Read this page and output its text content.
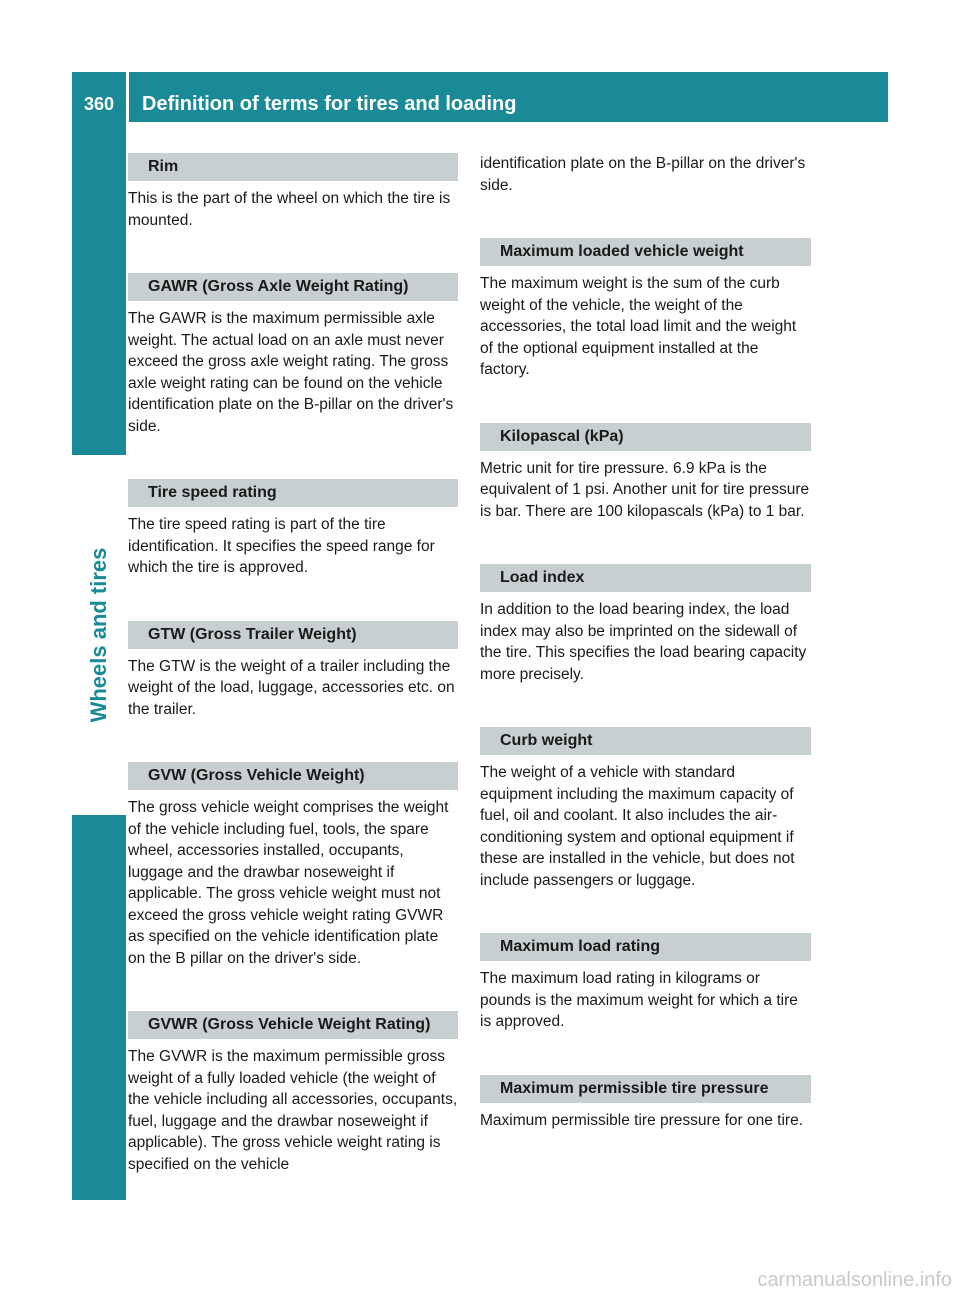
360	Definition of terms for tires and loading
Wheels and tires
Rim

This is the part of the wheel on which the tire is mounted.

GAWR (Gross Axle Weight Rating)

The GAWR is the maximum permissible axle weight. The actual load on an axle must never exceed the gross axle weight rating. The gross axle weight rating can be found on the vehicle identification plate on the B-pillar on the driver's side.

Tire speed rating

The tire speed rating is part of the tire identification. It specifies the speed range for which the tire is approved.

GTW (Gross Trailer Weight)

The GTW is the weight of a trailer including the weight of the load, luggage, accessories etc. on the trailer.

GVW (Gross Vehicle Weight)

The gross vehicle weight comprises the weight of the vehicle including fuel, tools, the spare wheel, accessories installed, occupants, luggage and the drawbar noseweight if applicable. The gross vehicle weight must not exceed the gross vehicle weight rating GVWR as specified on the vehicle identification plate on the B pillar on the driver's side.

GVWR (Gross Vehicle Weight Rating)

The GVWR is the maximum permissible gross weight of a fully loaded vehicle (the weight of the vehicle including all accessories, occupants, fuel, luggage and the drawbar noseweight if applicable). The gross vehicle weight rating is specified on the vehicle

identification plate on the B-pillar on the driver's side.

Maximum loaded vehicle weight

The maximum weight is the sum of the curb weight of the vehicle, the weight of the accessories, the total load limit and the weight of the optional equipment installed at the factory.

Kilopascal (kPa)

Metric unit for tire pressure. 6.9 kPa is the equivalent of 1 psi. Another unit for tire pressure is bar. There are 100 kilopascals (kPa) to 1 bar.

Load index

In addition to the load bearing index, the load index may also be imprinted on the sidewall of the tire. This specifies the load bearing capacity more precisely.

Curb weight

The weight of a vehicle with standard equipment including the maximum capacity of fuel, oil and coolant. It also includes the air-conditioning system and optional equipment if these are installed in the vehicle, but does not include passengers or luggage.

Maximum load rating

The maximum load rating in kilograms or pounds is the maximum weight for which a tire is approved.

Maximum permissible tire pressure

Maximum permissible tire pressure for one tire.

carmanualsonline.info
